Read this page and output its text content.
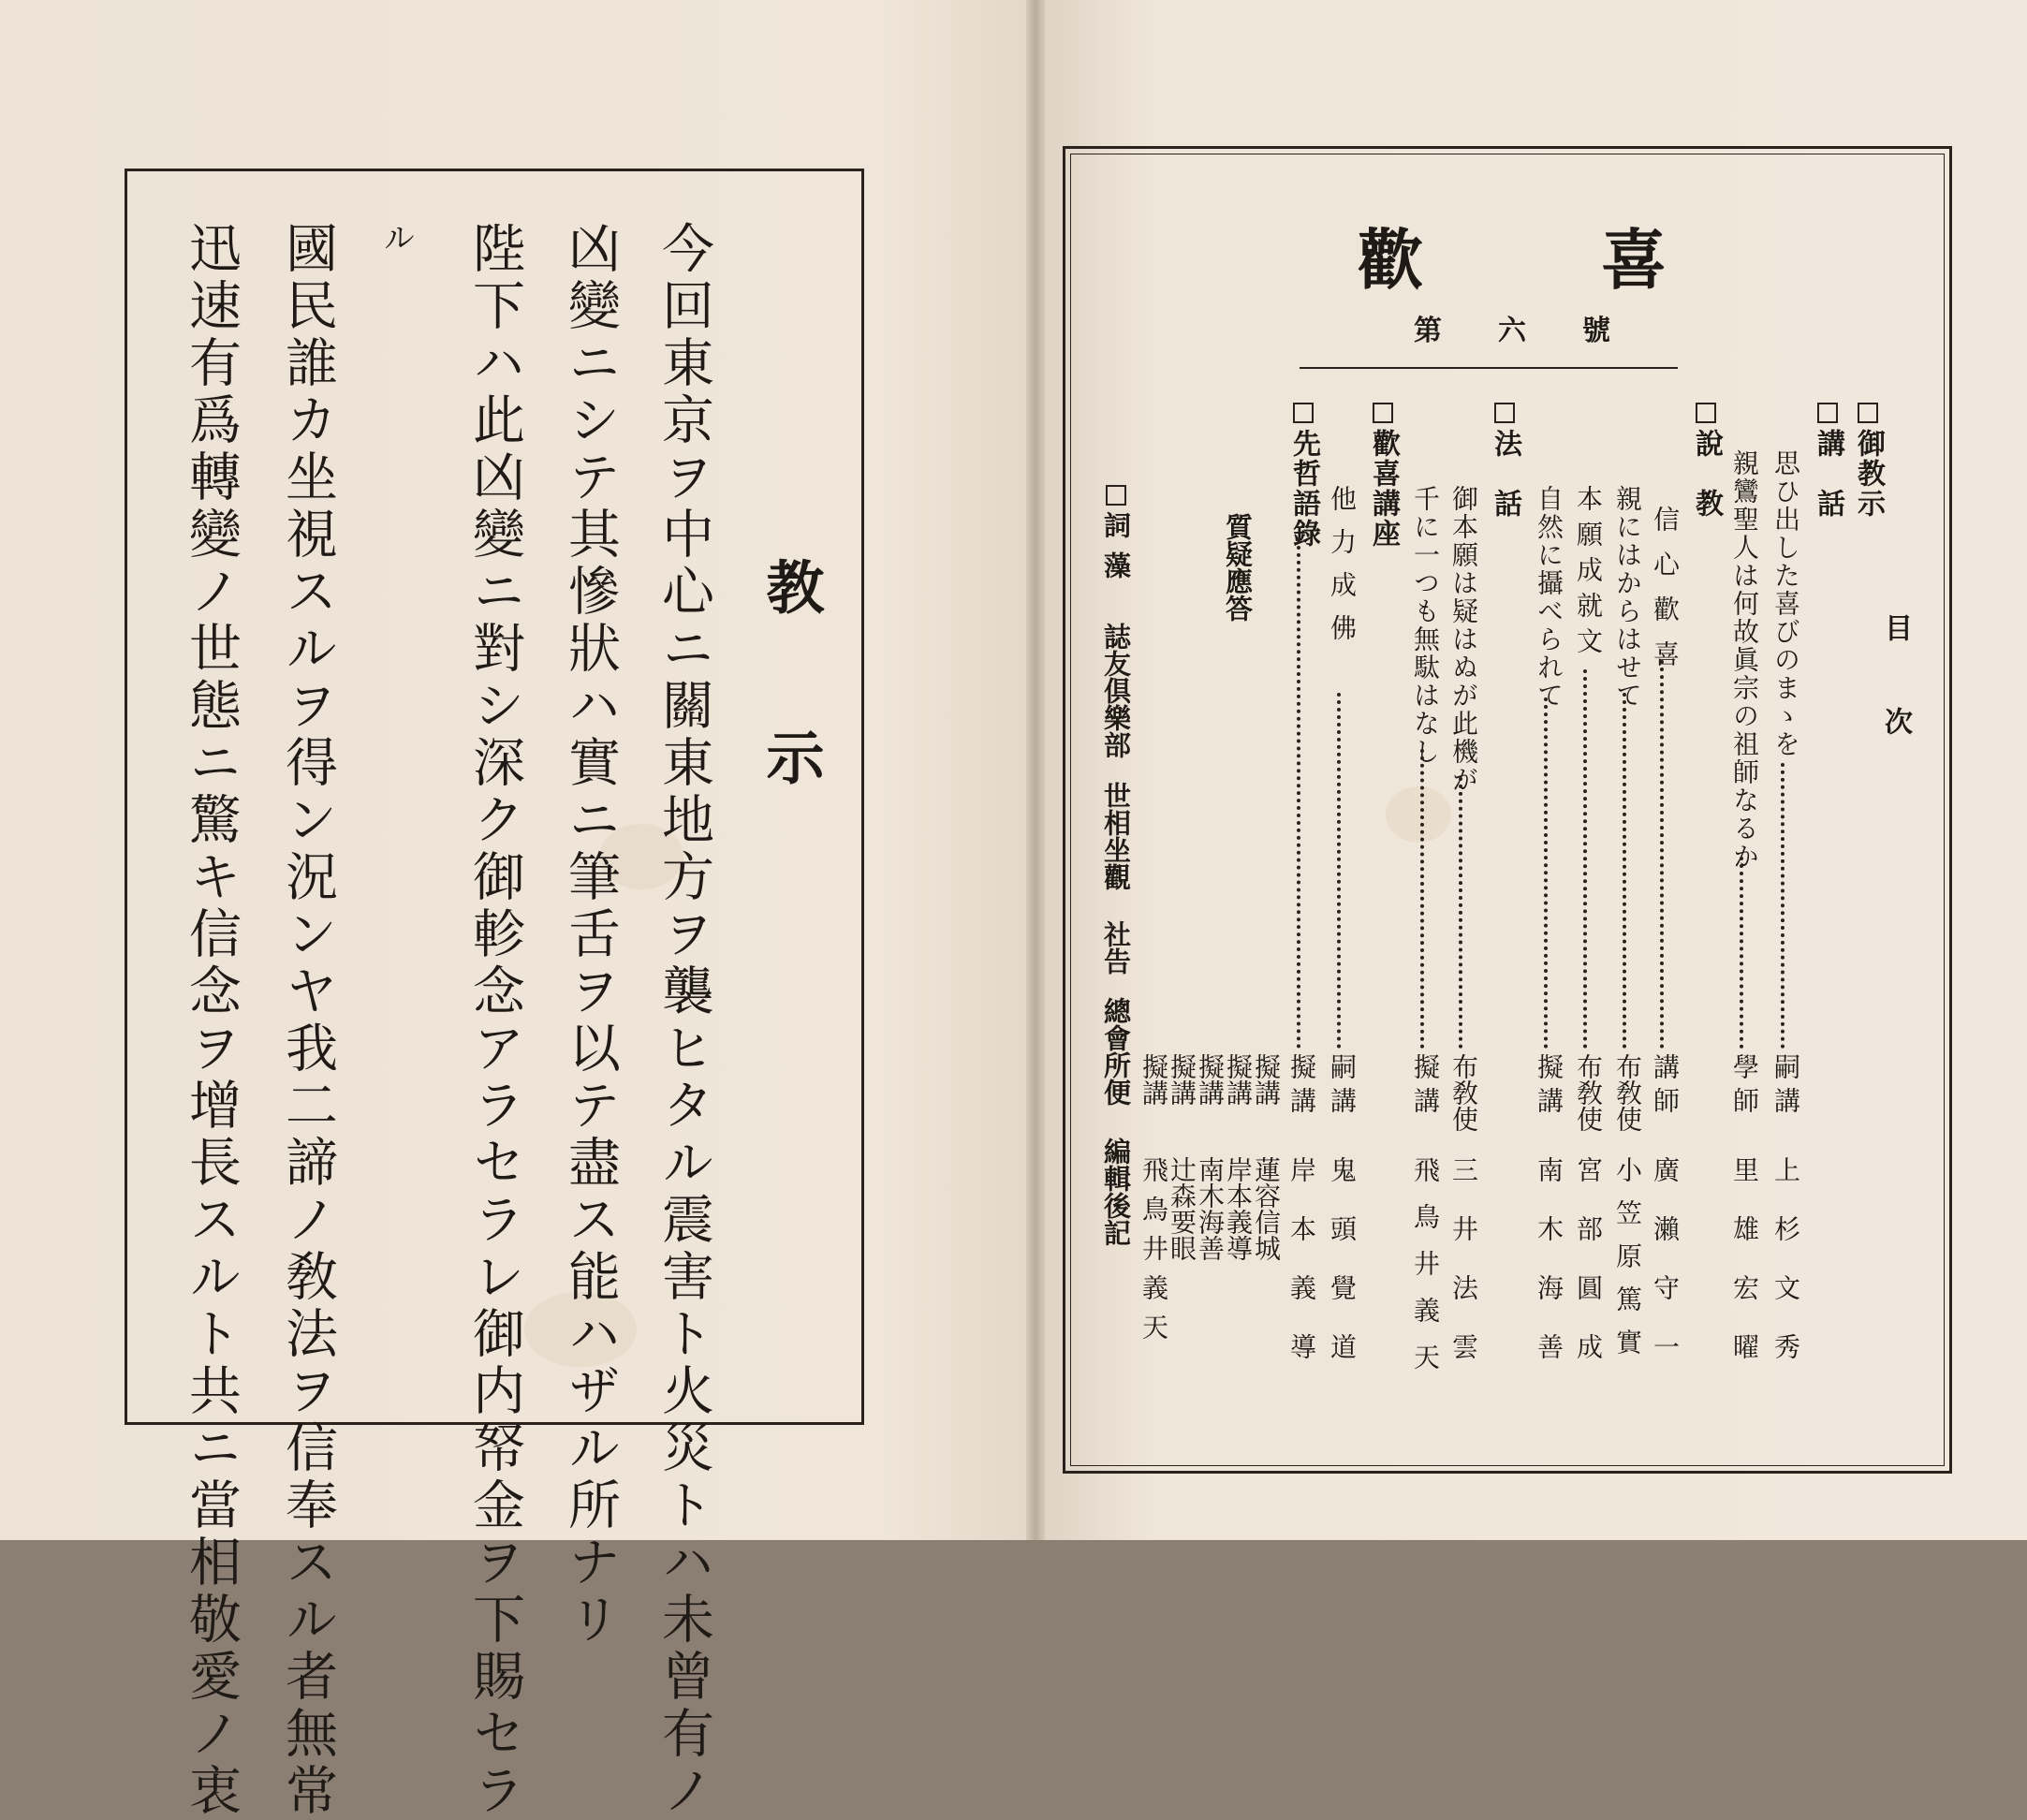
教示
今回東京ヲ中心ニ關東地方ヲ襲ヒタル震害ト火災トハ未曾有ノ
凶變ニシテ其慘狀ハ實ニ筆舌ヲ以テ盡ス能ハザル所ナリ
陛下ハ此凶變ニ對シ深ク御軫念アラセラレ御内帑金ヲ下賜セラ
ル
國民誰カ坐視スルヲ得ン況ンヤ我二諦ノ敎法ヲ信奉スル者無常
迅速有爲轉變ノ世態ニ驚キ信念ヲ增長スルト共ニ當相敬愛ノ衷	歡喜
第六號
目次
御教示
講話
說教
法話
歡喜講座
先哲語錄	思ひ出した喜びのまゝを
親鸞聖人は何故眞宗の祖師なるか
信心歡喜
親にはからはせて
本願成就文
自然に攝べられて
御本願は疑はぬが此機が
千に一つも無駄はなし
他力成佛
嗣講
上杉文秀
學師
里雄宏曜
講師
廣瀨守一
布敎使
小笠原篤實
布敎使
宮部圓成
擬講
南木海善
布敎使
三井法雲
擬講
飛鳥井義天
嗣講
鬼頭覺道
擬講
岸本義導
質疑應答
擬講
擬講
擬講
擬講
蓮容信城
岸本義導
南木海善
辻森要眼
擬講
飛鳥井義天
詞藻
誌友倶樂部
世相坐觀
社告
總會所便
編輯後記
